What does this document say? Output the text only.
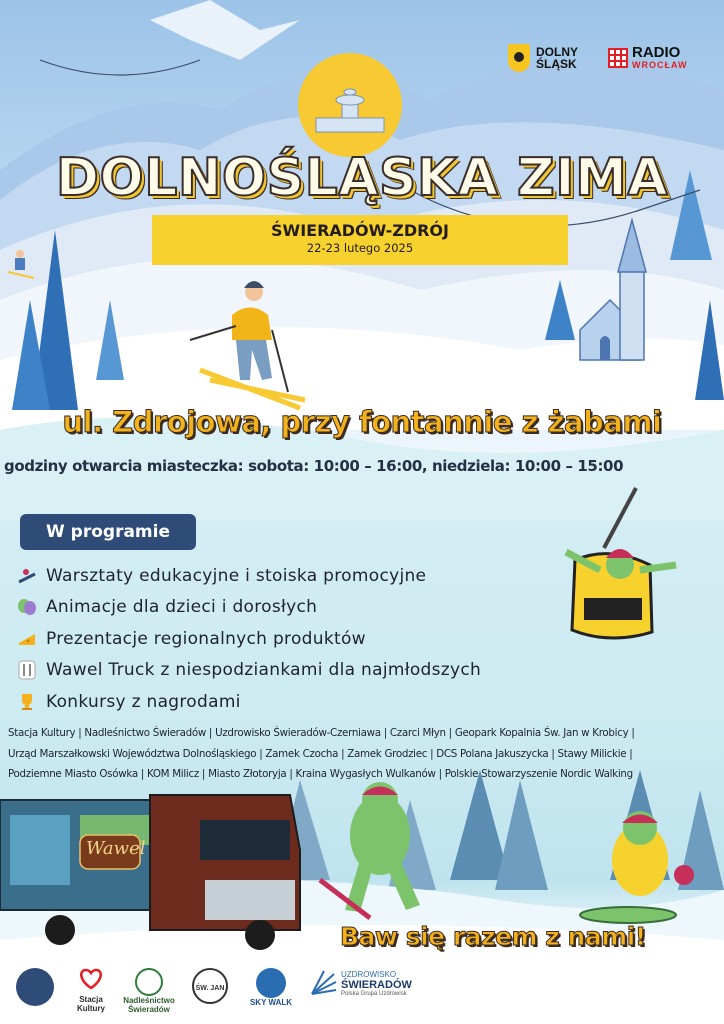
DOLNY ŚLĄSK
RADIO
WROCŁAW
DOLNOŚLĄSKA ZIMA
ŚWIERADÓW-ZDRÓJ
22-23 lutego 2025
ul. Zdrojowa, przy fontannie z żabami
godziny otwarcia miasteczka: sobota: 10:00 – 16:00, niedziela: 10:00 – 15:00
W programie
Warsztaty edukacyjne i stoiska promocyjne
Animacje dla dzieci i dorosłych
Prezentacje regionalnych produktów
Wawel Truck z niespodziankami dla najmłodszych
Konkursy z nagrodami
Stacja Kultury | Nadleśnictwo Świeradów | Uzdrowisko Świeradów-Czerniawa | Czarci Młyn | Geopark Kopalnia Św. Jan w Krobicy |
Urząd Marszałkowski Województwa Dolnośląskiego | Zamek Czocha | Zamek Grodziec | DCS Polana Jakuszycka | Stawy Milickie |
Podziemne Miasto Osówka | KOM Milicz | Miasto Złotoryja | Kraina Wygasłych Wulkanów | Polskie Stowarzyszenie Nordic Walking
Wawel
Baw się razem z nami!
Stacja Kultury
Nadleśnictwo Świeradów
ŚW. JAN
SKY WALK
UZDROWISKO
ŚWIERADÓW
Polska Grupa Uzdrowisk
